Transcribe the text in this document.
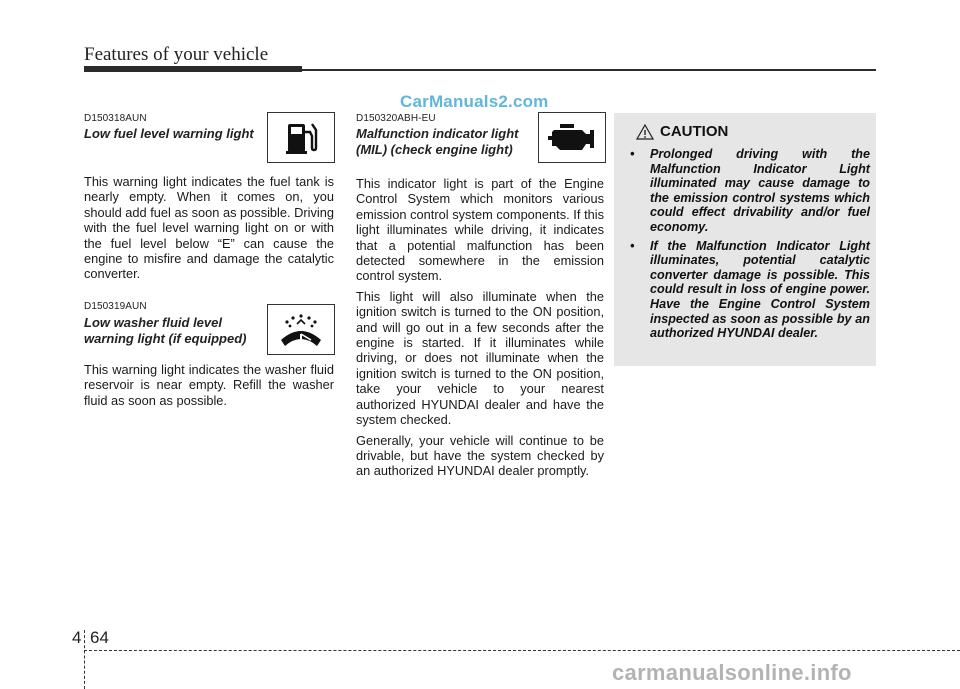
Features of your vehicle
CarManuals2.com
D150318AUN
Low fuel level warning light
This warning light indicates the fuel tank is nearly empty. When it comes on, you should add fuel as soon as possible. Driving with the fuel level warning light on or with the fuel level below “E” can cause the engine to misfire and damage the catalytic converter.
D150319AUN
Low washer fluid level
warning light (if equipped)
This warning light indicates the washer fluid reservoir is near empty. Refill the washer fluid as soon as possible.
D150320ABH-EU
Malfunction indicator light
(MIL) (check engine light)

This indicator light is part of the Engine Control System which monitors various emission control system components. If this light illuminates while driving, it indicates that a potential malfunction has been detected somewhere in the emission control system.

This light will also illuminate when the ignition switch is turned to the ON position, and will go out in a few seconds after the engine is started. If it illuminates while driving, or does not illuminate when the ignition switch is turned to the ON position, take your vehicle to your nearest authorized HYUNDAI dealer and have the system checked.

Generally, your vehicle will continue to be drivable, but have the system checked by an authorized HYUNDAI dealer promptly.

CAUTION
• Prolonged driving with the Malfunction Indicator Light illuminated may cause damage to the emission control systems which could effect drivability and/or fuel economy.
• If the Malfunction Indicator Light illuminates, potential catalytic converter damage is possible. This could result in loss of engine power. Have the Engine Control System inspected as soon as possible by an authorized HYUNDAI dealer.
4 64
carmanualsonline.info
